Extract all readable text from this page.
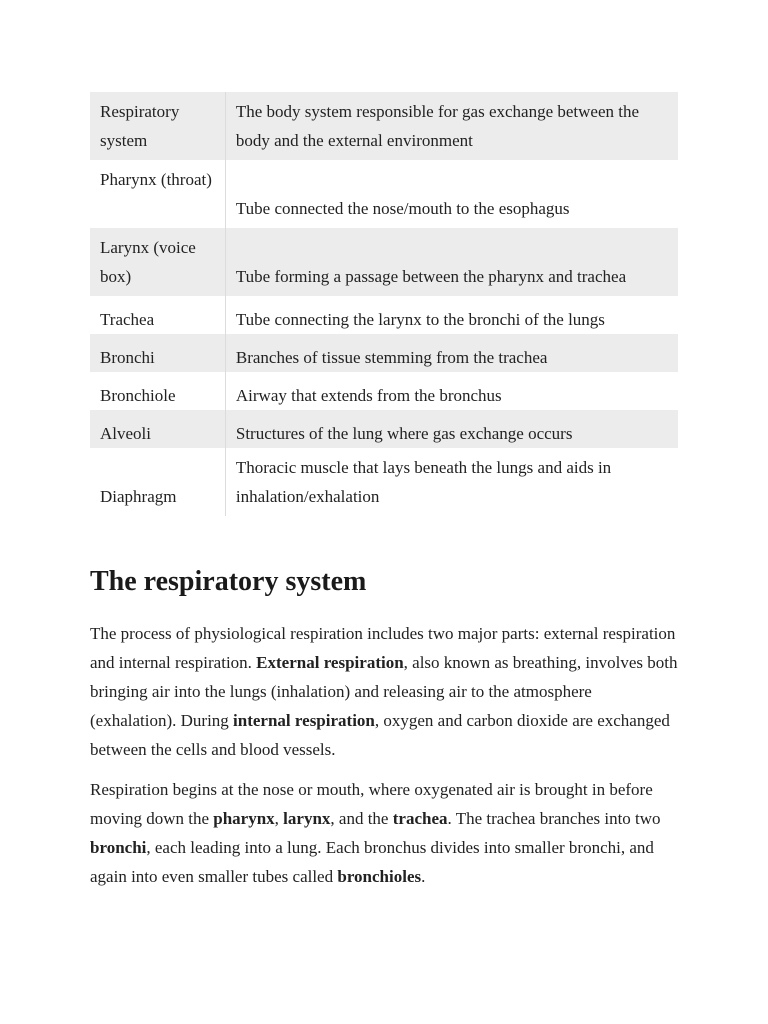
Respiratory system	The body system responsible for gas exchange between the body and the external environment
Pharynx (throat)	Tube connected the nose/mouth to the esophagus
Larynx (voice box)	Tube forming a passage between the pharynx and trachea
Trachea	Tube connecting the larynx to the bronchi of the lungs
Bronchi	Branches of tissue stemming from the trachea
Bronchiole	Airway that extends from the bronchus
Alveoli	Structures of the lung where gas exchange occurs
Diaphragm	Thoracic muscle that lays beneath the lungs and aids in inhalation/exhalation
The respiratory system

The process of physiological respiration includes two major parts: external respiration and internal respiration. External respiration, also known as breathing, involves both bringing air into the lungs (inhalation) and releasing air to the atmosphere (exhalation). During internal respiration, oxygen and carbon dioxide are exchanged between the cells and blood vessels.

Respiration begins at the nose or mouth, where oxygenated air is brought in before moving down the pharynx, larynx, and the trachea. The trachea branches into two bronchi, each leading into a lung. Each bronchus divides into smaller bronchi, and again into even smaller tubes called bronchioles.
